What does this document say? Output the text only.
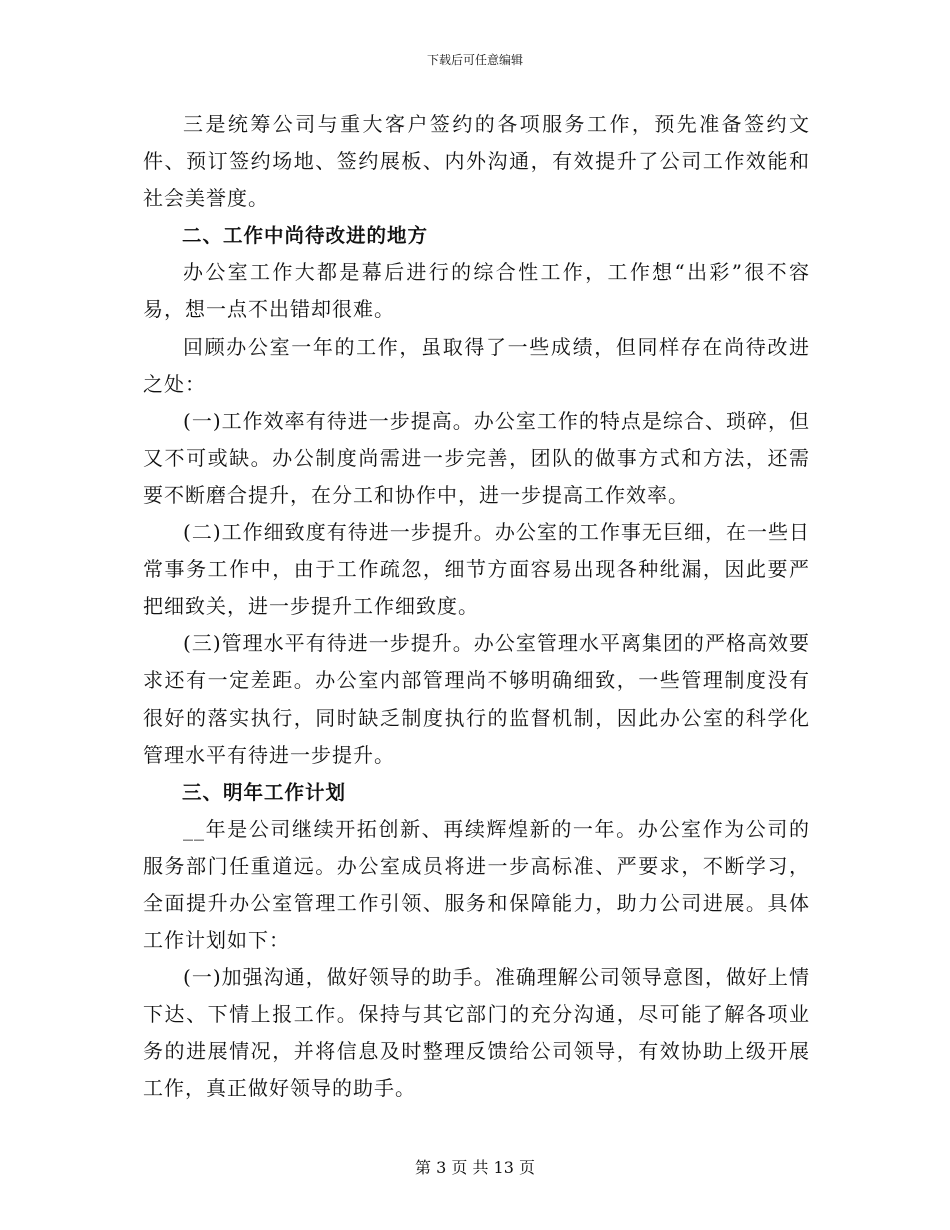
下载后可任意编辑

三是统筹公司与重大客户签约的各项服务工作，预先准备签约文件、预订签约场地、签约展板、内外沟通，有效提升了公司工作效能和社会美誉度。

二、工作中尚待改进的地方

办公室工作大都是幕后进行的综合性工作，工作想“出彩”很不容易，想一点不出错却很难。

回顾办公室一年的工作，虽取得了一些成绩，但同样存在尚待改进之处：

(一)工作效率有待进一步提高。办公室工作的特点是综合、琐碎，但又不可或缺。办公制度尚需进一步完善，团队的做事方式和方法，还需要不断磨合提升，在分工和协作中，进一步提高工作效率。

(二)工作细致度有待进一步提升。办公室的工作事无巨细，在一些日常事务工作中，由于工作疏忽，细节方面容易出现各种纰漏，因此要严把细致关，进一步提升工作细致度。

(三)管理水平有待进一步提升。办公室管理水平离集团的严格高效要求还有一定差距。办公室内部管理尚不够明确细致，一些管理制度没有很好的落实执行，同时缺乏制度执行的监督机制，因此办公室的科学化管理水平有待进一步提升。

三、明年工作计划

__年是公司继续开拓创新、再续辉煌新的一年。办公室作为公司的服务部门任重道远。办公室成员将进一步高标准、严要求，不断学习，全面提升办公室管理工作引领、服务和保障能力，助力公司进展。具体工作计划如下：

(一)加强沟通，做好领导的助手。准确理解公司领导意图，做好上情下达、下情上报工作。保持与其它部门的充分沟通，尽可能了解各项业务的进展情况，并将信息及时整理反馈给公司领导，有效协助上级开展工作，真正做好领导的助手。

第 3 页 共 13 页
